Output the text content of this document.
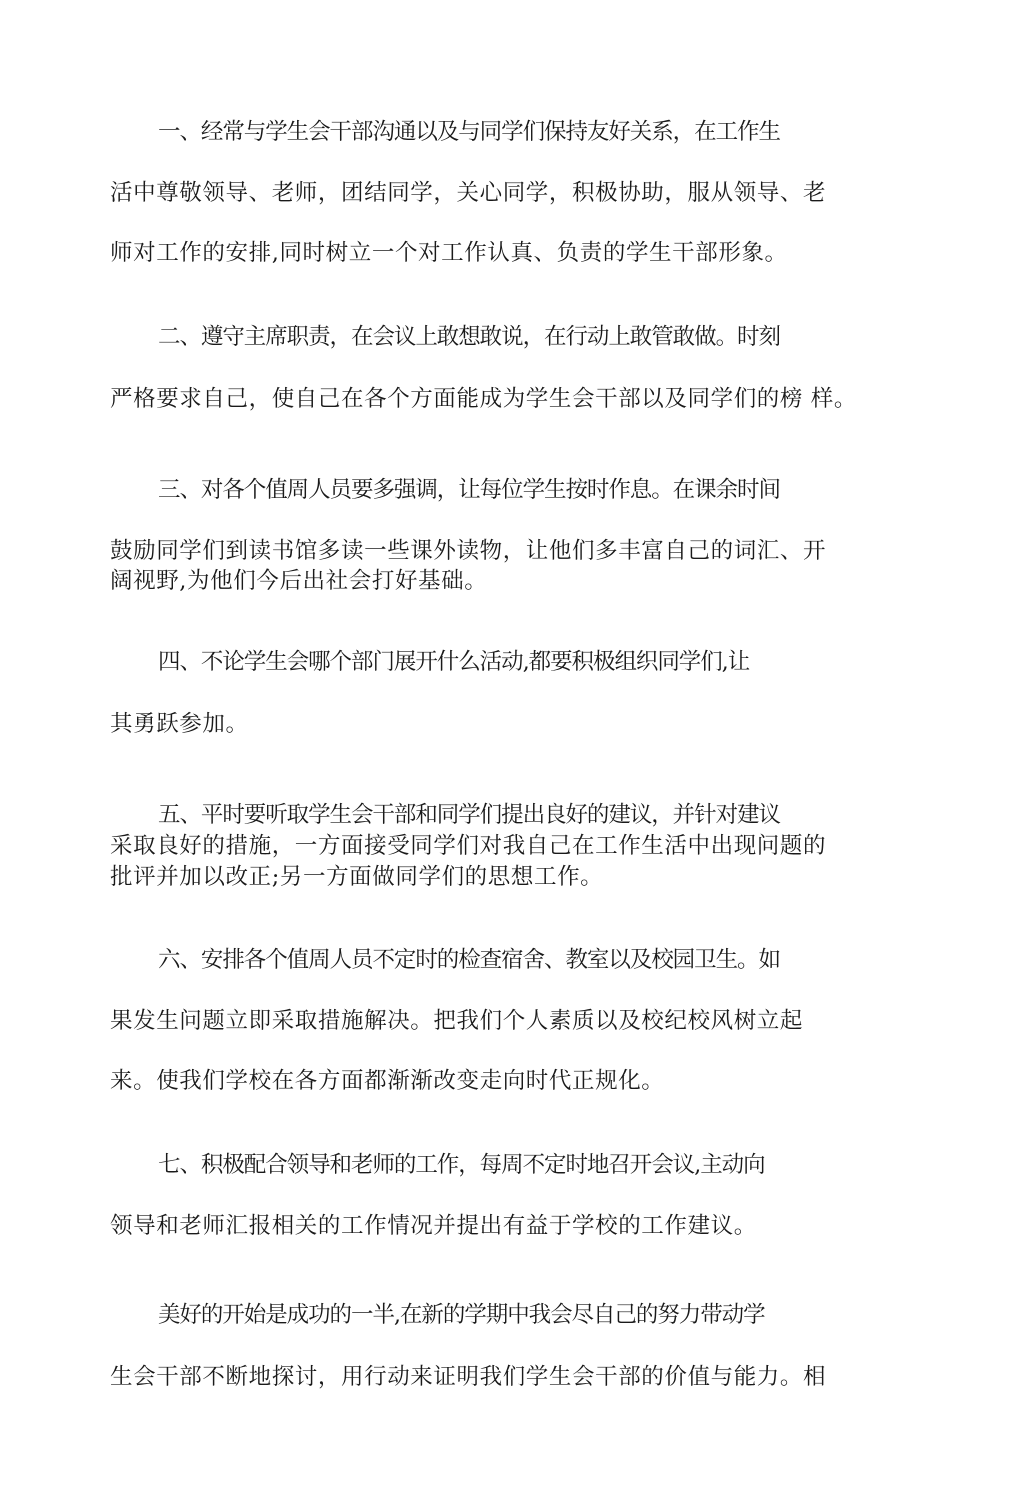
一、经常与学生会干部沟通以及与同学们保持友好关系，在工作生
活中尊敬领导、老师，团结同学，关心同学，积极协助，服从领导、老
师对工作的安排,同时树立一个对工作认真、负责的学生干部形象。
二、遵守主席职责，在会议上敢想敢说，在行动上敢管敢做。时刻
严格要求自己，使自己在各个方面能成为学生会干部以及同学们的榜 样。
三、对各个值周人员要多强调，让每位学生按时作息。在课余时间
鼓励同学们到读书馆多读一些课外读物，让他们多丰富自己的词汇、开
阔视野,为他们今后出社会打好基础。
四、不论学生会哪个部门展开什么活动,都要积极组织同学们,让
其勇跃参加。
五、平时要听取学生会干部和同学们提出良好的建议，并针对建议
采取良好的措施，一方面接受同学们对我自己在工作生活中出现问题的
批评并加以改正;另一方面做同学们的思想工作。
六、安排各个值周人员不定时的检查宿舍、教室以及校园卫生。如
果发生问题立即采取措施解决。把我们个人素质以及校纪校风树立起
来。使我们学校在各方面都渐渐改变走向时代正规化。
七、积极配合领导和老师的工作，每周不定时地召开会议,主动向
领导和老师汇报相关的工作情况并提出有益于学校的工作建议。
美好的开始是成功的一半,在新的学期中我会尽自己的努力带动学
生会干部不断地探讨，用行动来证明我们学生会干部的价值与能力。相
